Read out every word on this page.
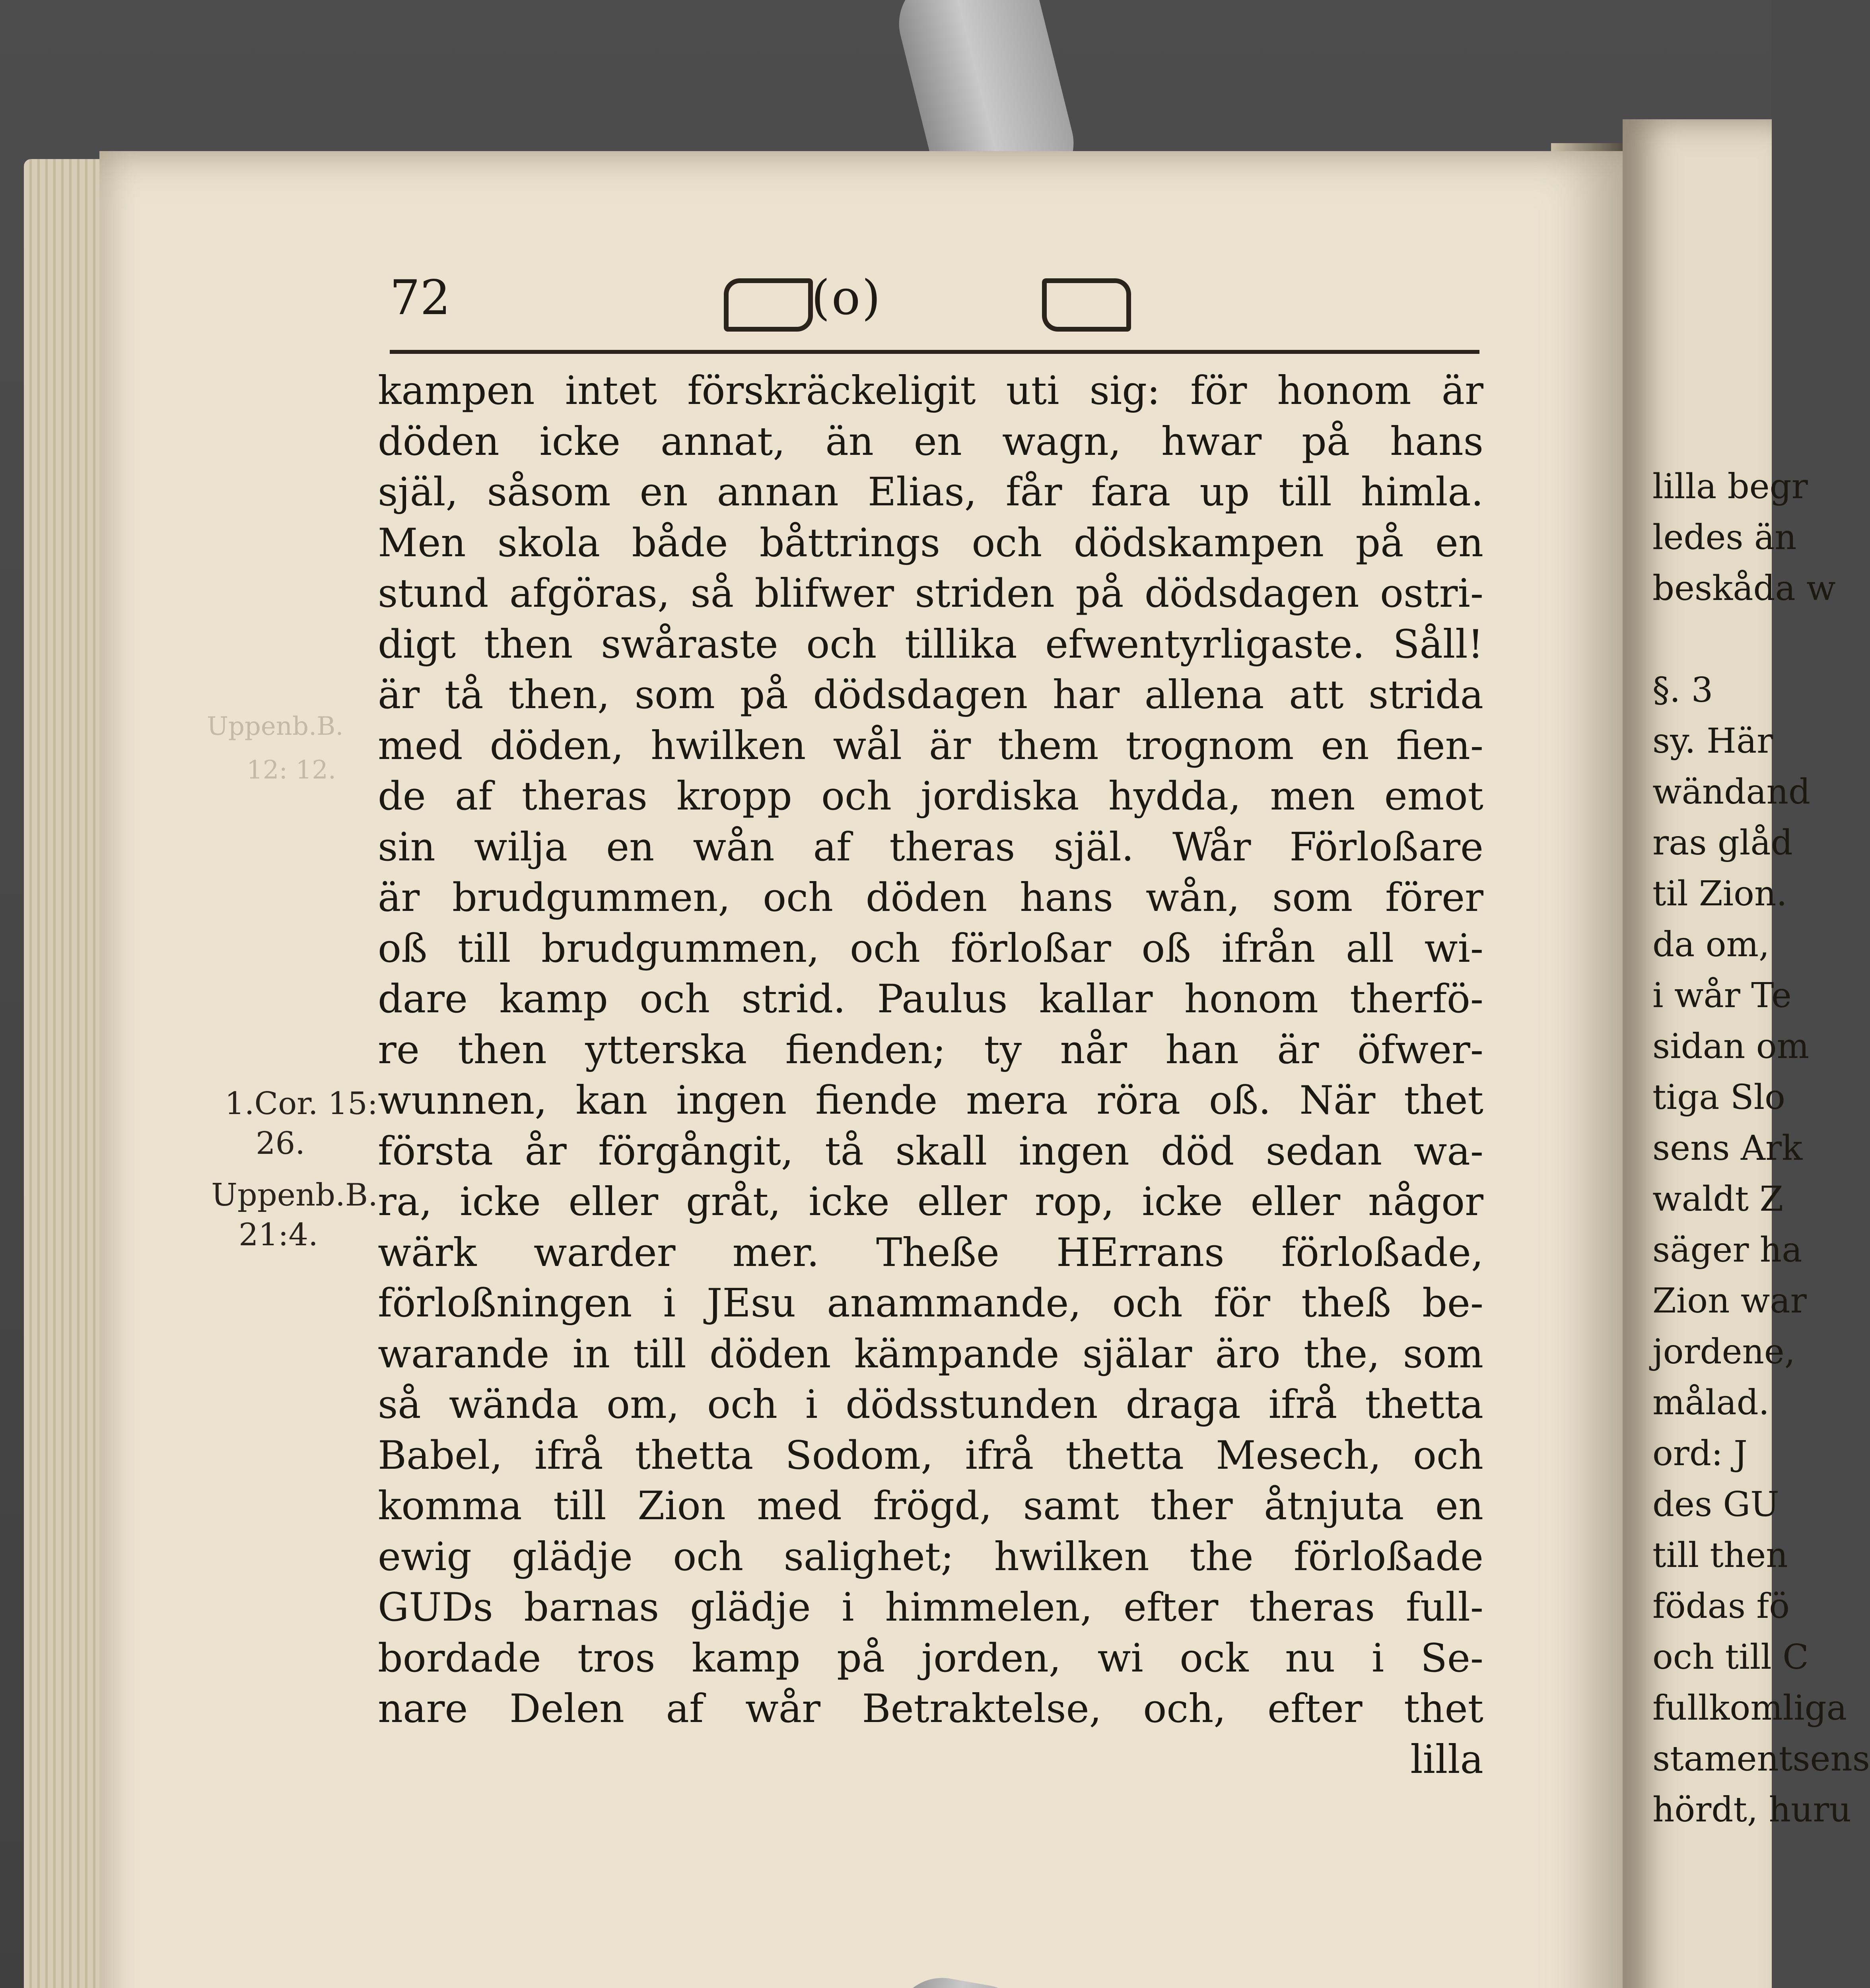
lilla begr
ledes än
beskåda w
§. 3
sy. Här
wändand
ras glåd
til Zion.
da om,
i wår Te
sidan om
tiga Slo
sens Ark
waldt Z
säger ha
Zion war
jordene,
målad.
ord: J
des GU
till then
födas fö
och till C
fullkomliga
stamentsens
hördt, huru
72	(o)
kampen intet förskräckeligit uti sig: för honom är
döden icke annat, än en wagn, hwar på hans
själ, såsom en annan Elias, får fara up till himla.
Men skola både båttrings och dödskampen på en
stund afgöras, så blifwer striden på dödsdagen ostri-
digt then swåraste och tillika efwentyrligaste. Såll!
är tå then, som på dödsdagen har allena att strida
med döden, hwilken wål är them trognom en fien-
de af theras kropp och jordiska hydda, men emot
sin wilja en wån af theras själ. Wår Förloßare
är brudgummen, och döden hans wån, som förer
oß till brudgummen, och förloßar oß ifrån all wi-
dare kamp och strid. Paulus kallar honom therfö-
re then ytterska fienden; ty når han är öfwer-
wunnen, kan ingen fiende mera röra oß. När thet
första år förgångit, tå skall ingen död sedan wa-
ra, icke eller gråt, icke eller rop, icke eller någor
wärk warder mer. Theße HErrans förloßade,
förloßningen i JEsu anammande, och för theß be-
warande in till döden kämpande själar äro the, som
så wända om, och i dödsstunden draga ifrå thetta
Babel, ifrå thetta Sodom, ifrå thetta Mesech, och
komma till Zion med frögd, samt ther åtnjuta en
ewig glädje och salighet; hwilken the förloßade
GUDs barnas glädje i himmelen, efter theras full-
bordade tros kamp på jorden, wi ock nu i Se-
nare Delen af wår Betraktelse, och, efter thet
lilla
1.Cor. 15:
26.
Uppenb.B.
21:4.
Uppenb.B.
12: 12.
